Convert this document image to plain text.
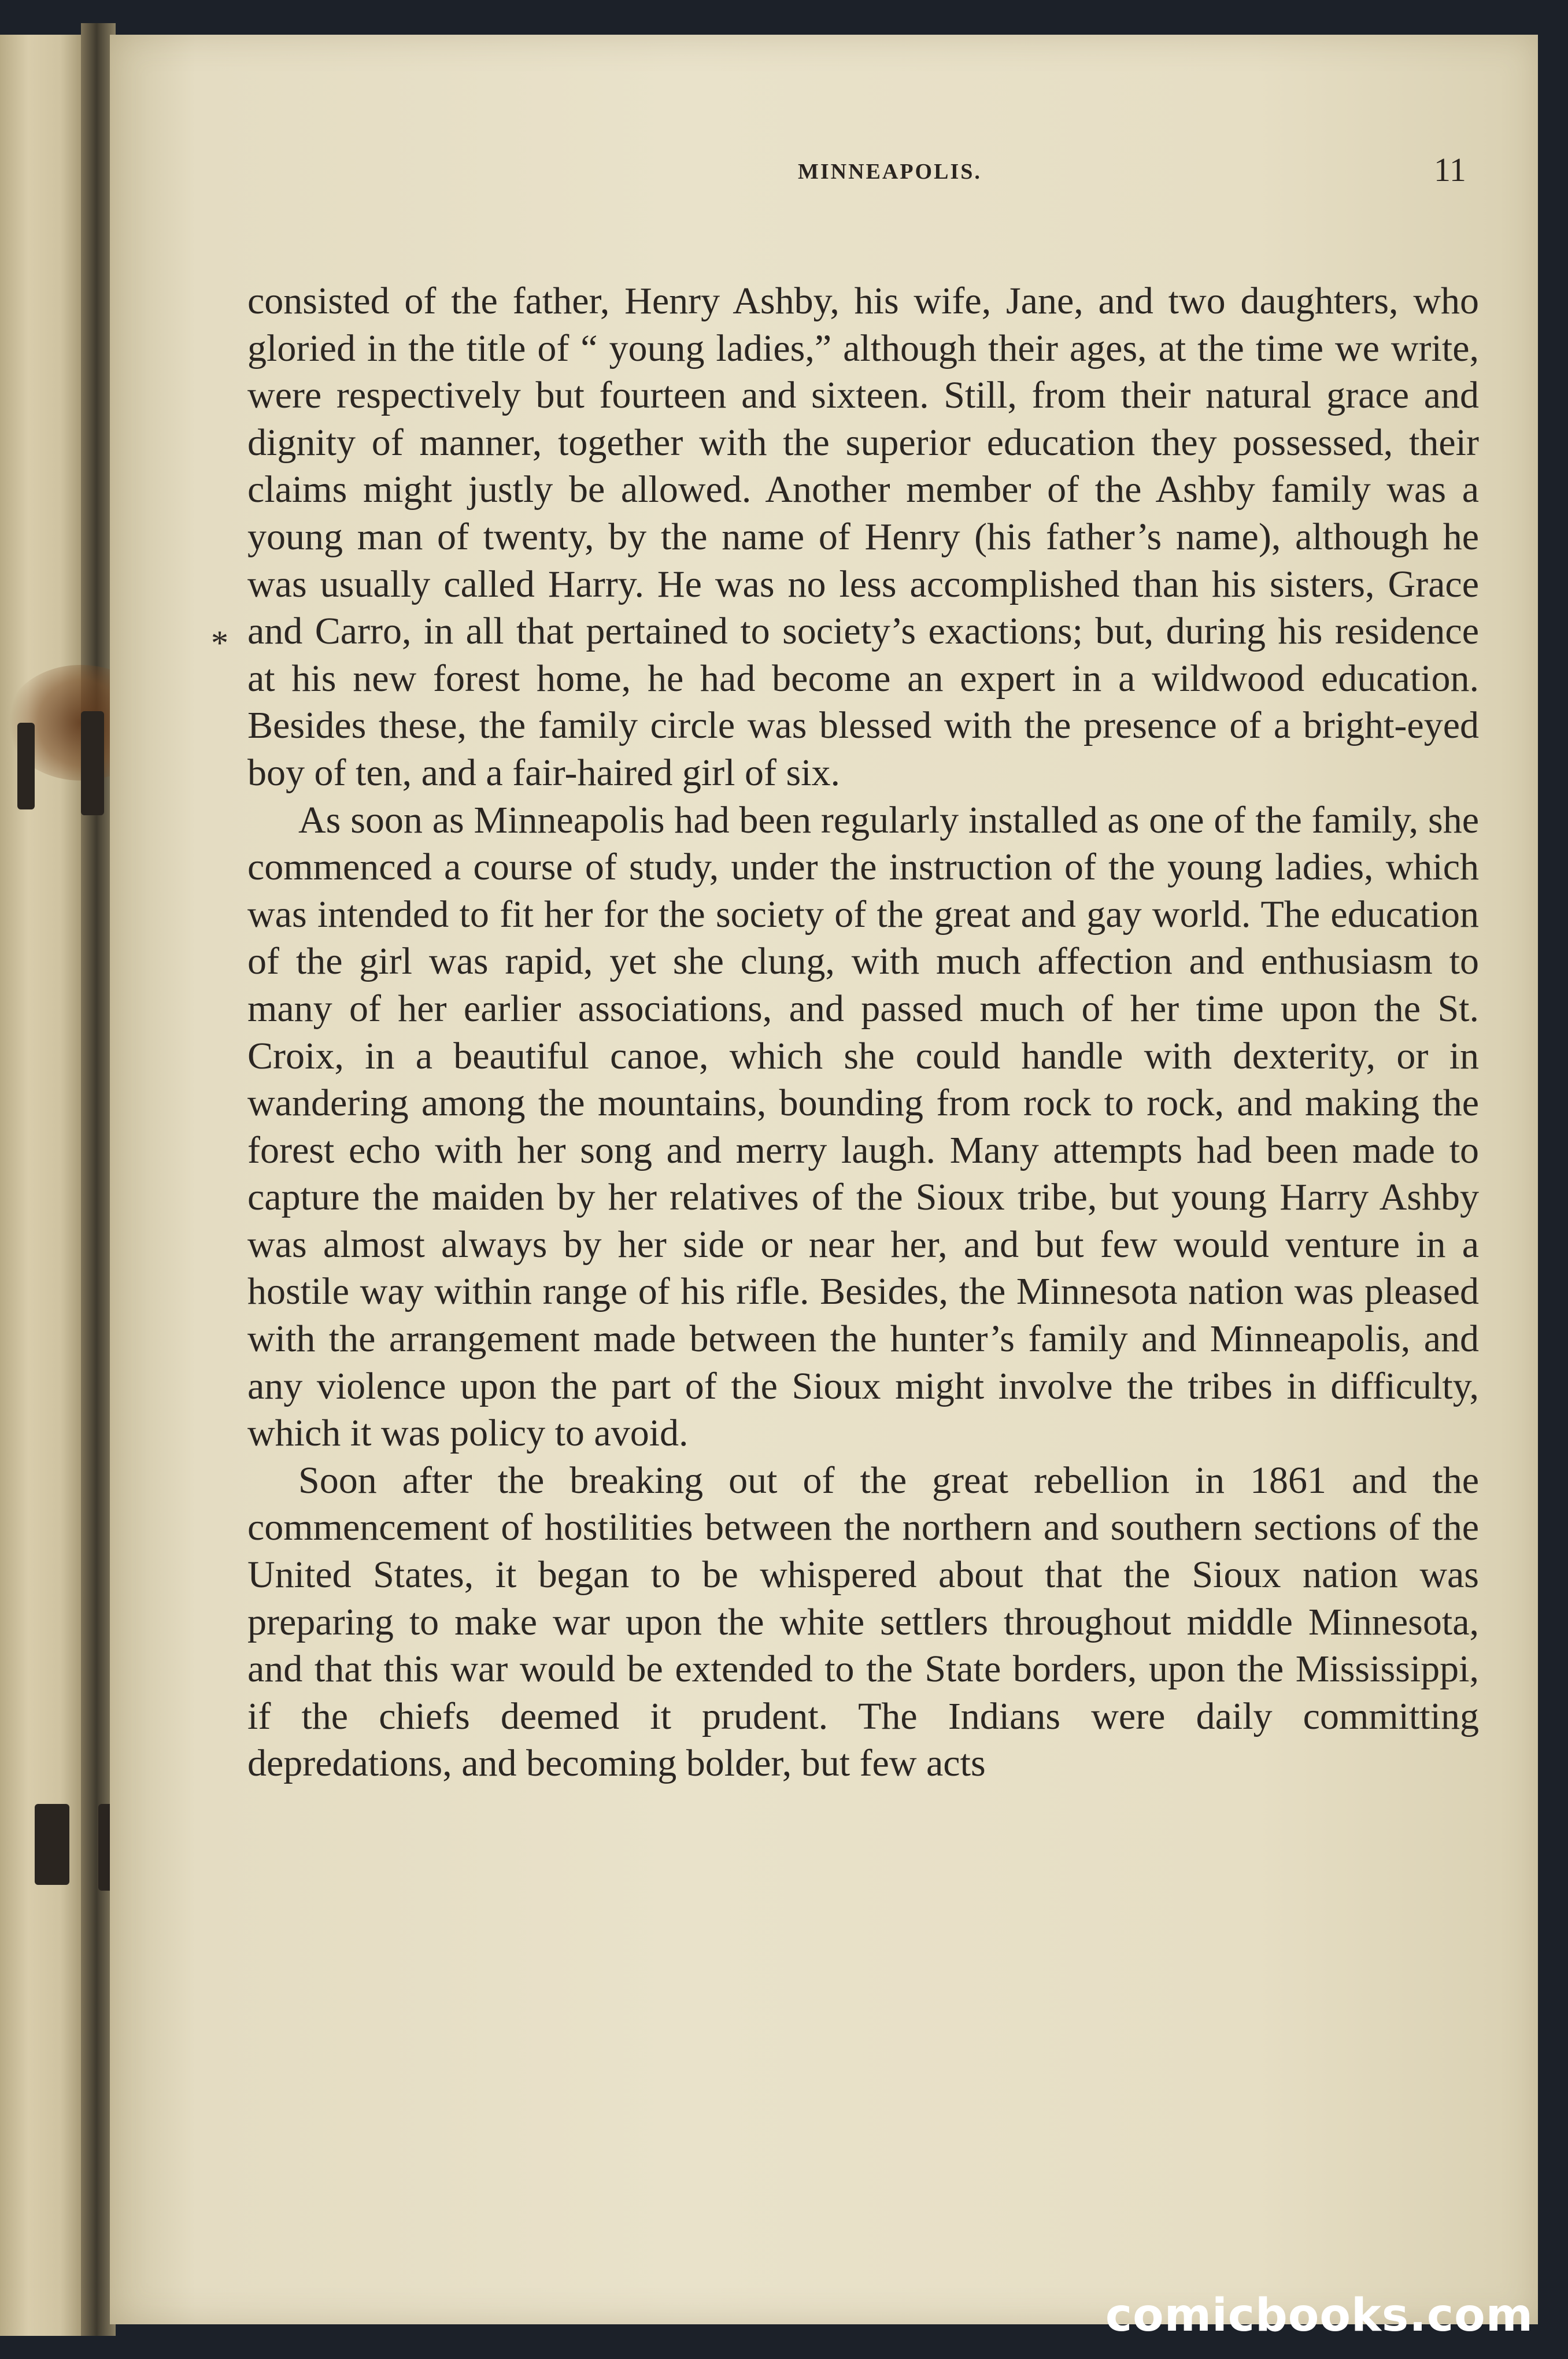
MINNEAPOLIS.	11
*

consisted of the father, Henry Ashby, his wife, Jane, and two daughters, who gloried in the title of “ young ladies,” although their ages, at the time we write, were respectively but fourteen and sixteen. Still, from their natural grace and dignity of manner, together with the superior education they possessed, their claims might justly be allowed. Another member of the Ashby family was a young man of twenty, by the name of Henry (his father’s name), although he was usually called Harry. He was no less accomplished than his sisters, Grace and Carro, in all that pertained to society’s exactions; but, during his residence at his new forest home, he had become an expert in a wildwood education. Besides these, the family circle was blessed with the presence of a bright-eyed boy of ten, and a fair-haired girl of six.

As soon as Minneapolis had been regularly installed as one of the family, she commenced a course of study, under the instruction of the young ladies, which was intended to fit her for the society of the great and gay world. The education of the girl was rapid, yet she clung, with much affection and enthusiasm to many of her earlier associations, and passed much of her time upon the St. Croix, in a beautiful canoe, which she could handle with dexterity, or in wandering among the mountains, bounding from rock to rock, and making the forest echo with her song and merry laugh. Many attempts had been made to capture the maiden by her relatives of the Sioux tribe, but young Harry Ashby was almost always by her side or near her, and but few would venture in a hostile way within range of his rifle. Besides, the Minnesota nation was pleased with the arrangement made between the hunter’s family and Minneapolis, and any violence upon the part of the Sioux might involve the tribes in difficulty, which it was policy to avoid.

Soon after the breaking out of the great rebellion in 1861 and the commencement of hostilities between the northern and southern sections of the United States, it began to be whispered about that the Sioux nation was preparing to make war upon the white settlers throughout middle Minnesota, and that this war would be extended to the State borders, upon the Mississippi, if the chiefs deemed it prudent. The Indians were daily committing depredations, and becoming bolder, but few acts

comicbooks.com
